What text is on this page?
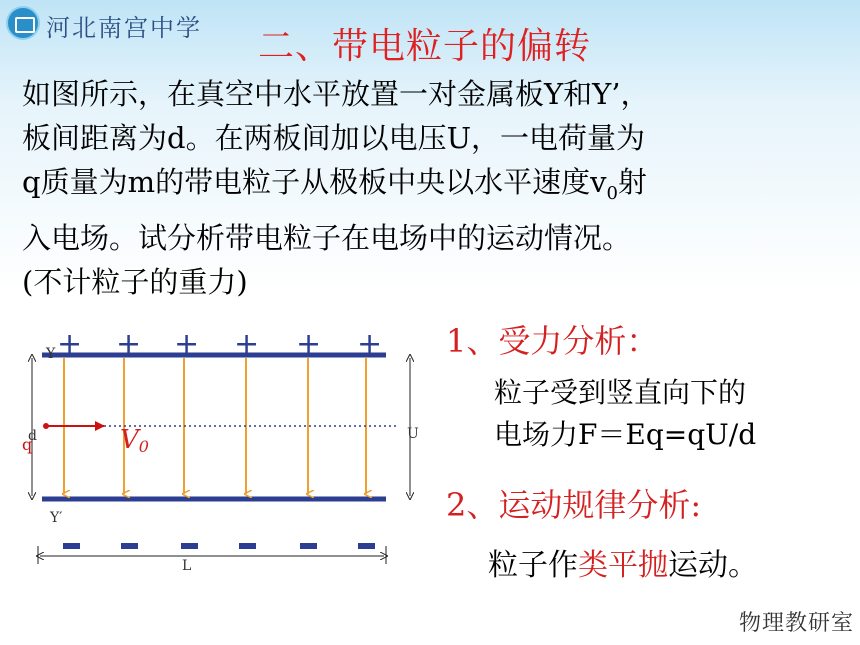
河北南宫中学 二、带电粒子的偏转

如图所示，在真空中水平放置一对金属板Y和Y’，
板间距离为d。在两板间加以电压U，一电荷量为
q质量为m的带电粒子从极板中央以水平速度$v_0$射
入电场。试分析带电粒子在电场中的运动情况。
(不计粒子的重力)

+ + + + + +
V0
d
q
Y
Y′
U
L
1、受力分析：
粒子受到竖直向下的
电场力F＝Eq=qU/d
2、运动规律分析:
粒子作类平抛运动。
物理教研室
